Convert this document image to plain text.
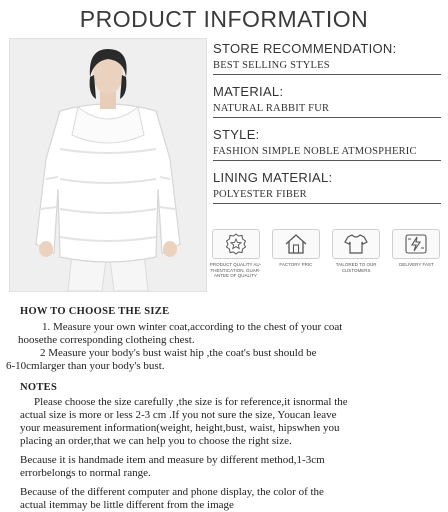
PRODUCT INFORMATION
STORE RECOMMENDATION:
BEST SELLING STYLES
MATERIAL:
NATURAL RABBIT FUR
STYLE:
FASHION SIMPLE NOBLE ATMOSPHERIC
LINING MATERIAL:
POLYESTER FIBER
PRODUCT QUALITY AU-THENTICATION. GUAR-ANTEE OF QUALITY
FACTORY PRIC	TAILORED TO OUR CUSTOMERS
DELIVERY FAST
HOW TO CHOOSE THE SIZE

1. Measure your own winter coat,according to the chest of your coat

hoosethe corresponding clotheing chest.

2 Measure your body's bust waist hip ,the coat's bust should be

6-10cmlarger than your body's bust.

NOTES

Please choose the size carefully ,the size is for reference,it isnormal the

actual size is more or less 2-3 cm .If you not sure the size, Youcan leave

your measurement information(weight, height,bust, waist, hipswhen you

placing an order,that we can help you to choose the right size.

Because it is handmade item and measure by different method,1-3cm

errorbelongs to normal range.

Because of the different computer and phone display, the color of the

actual itemmay be little different from the image
